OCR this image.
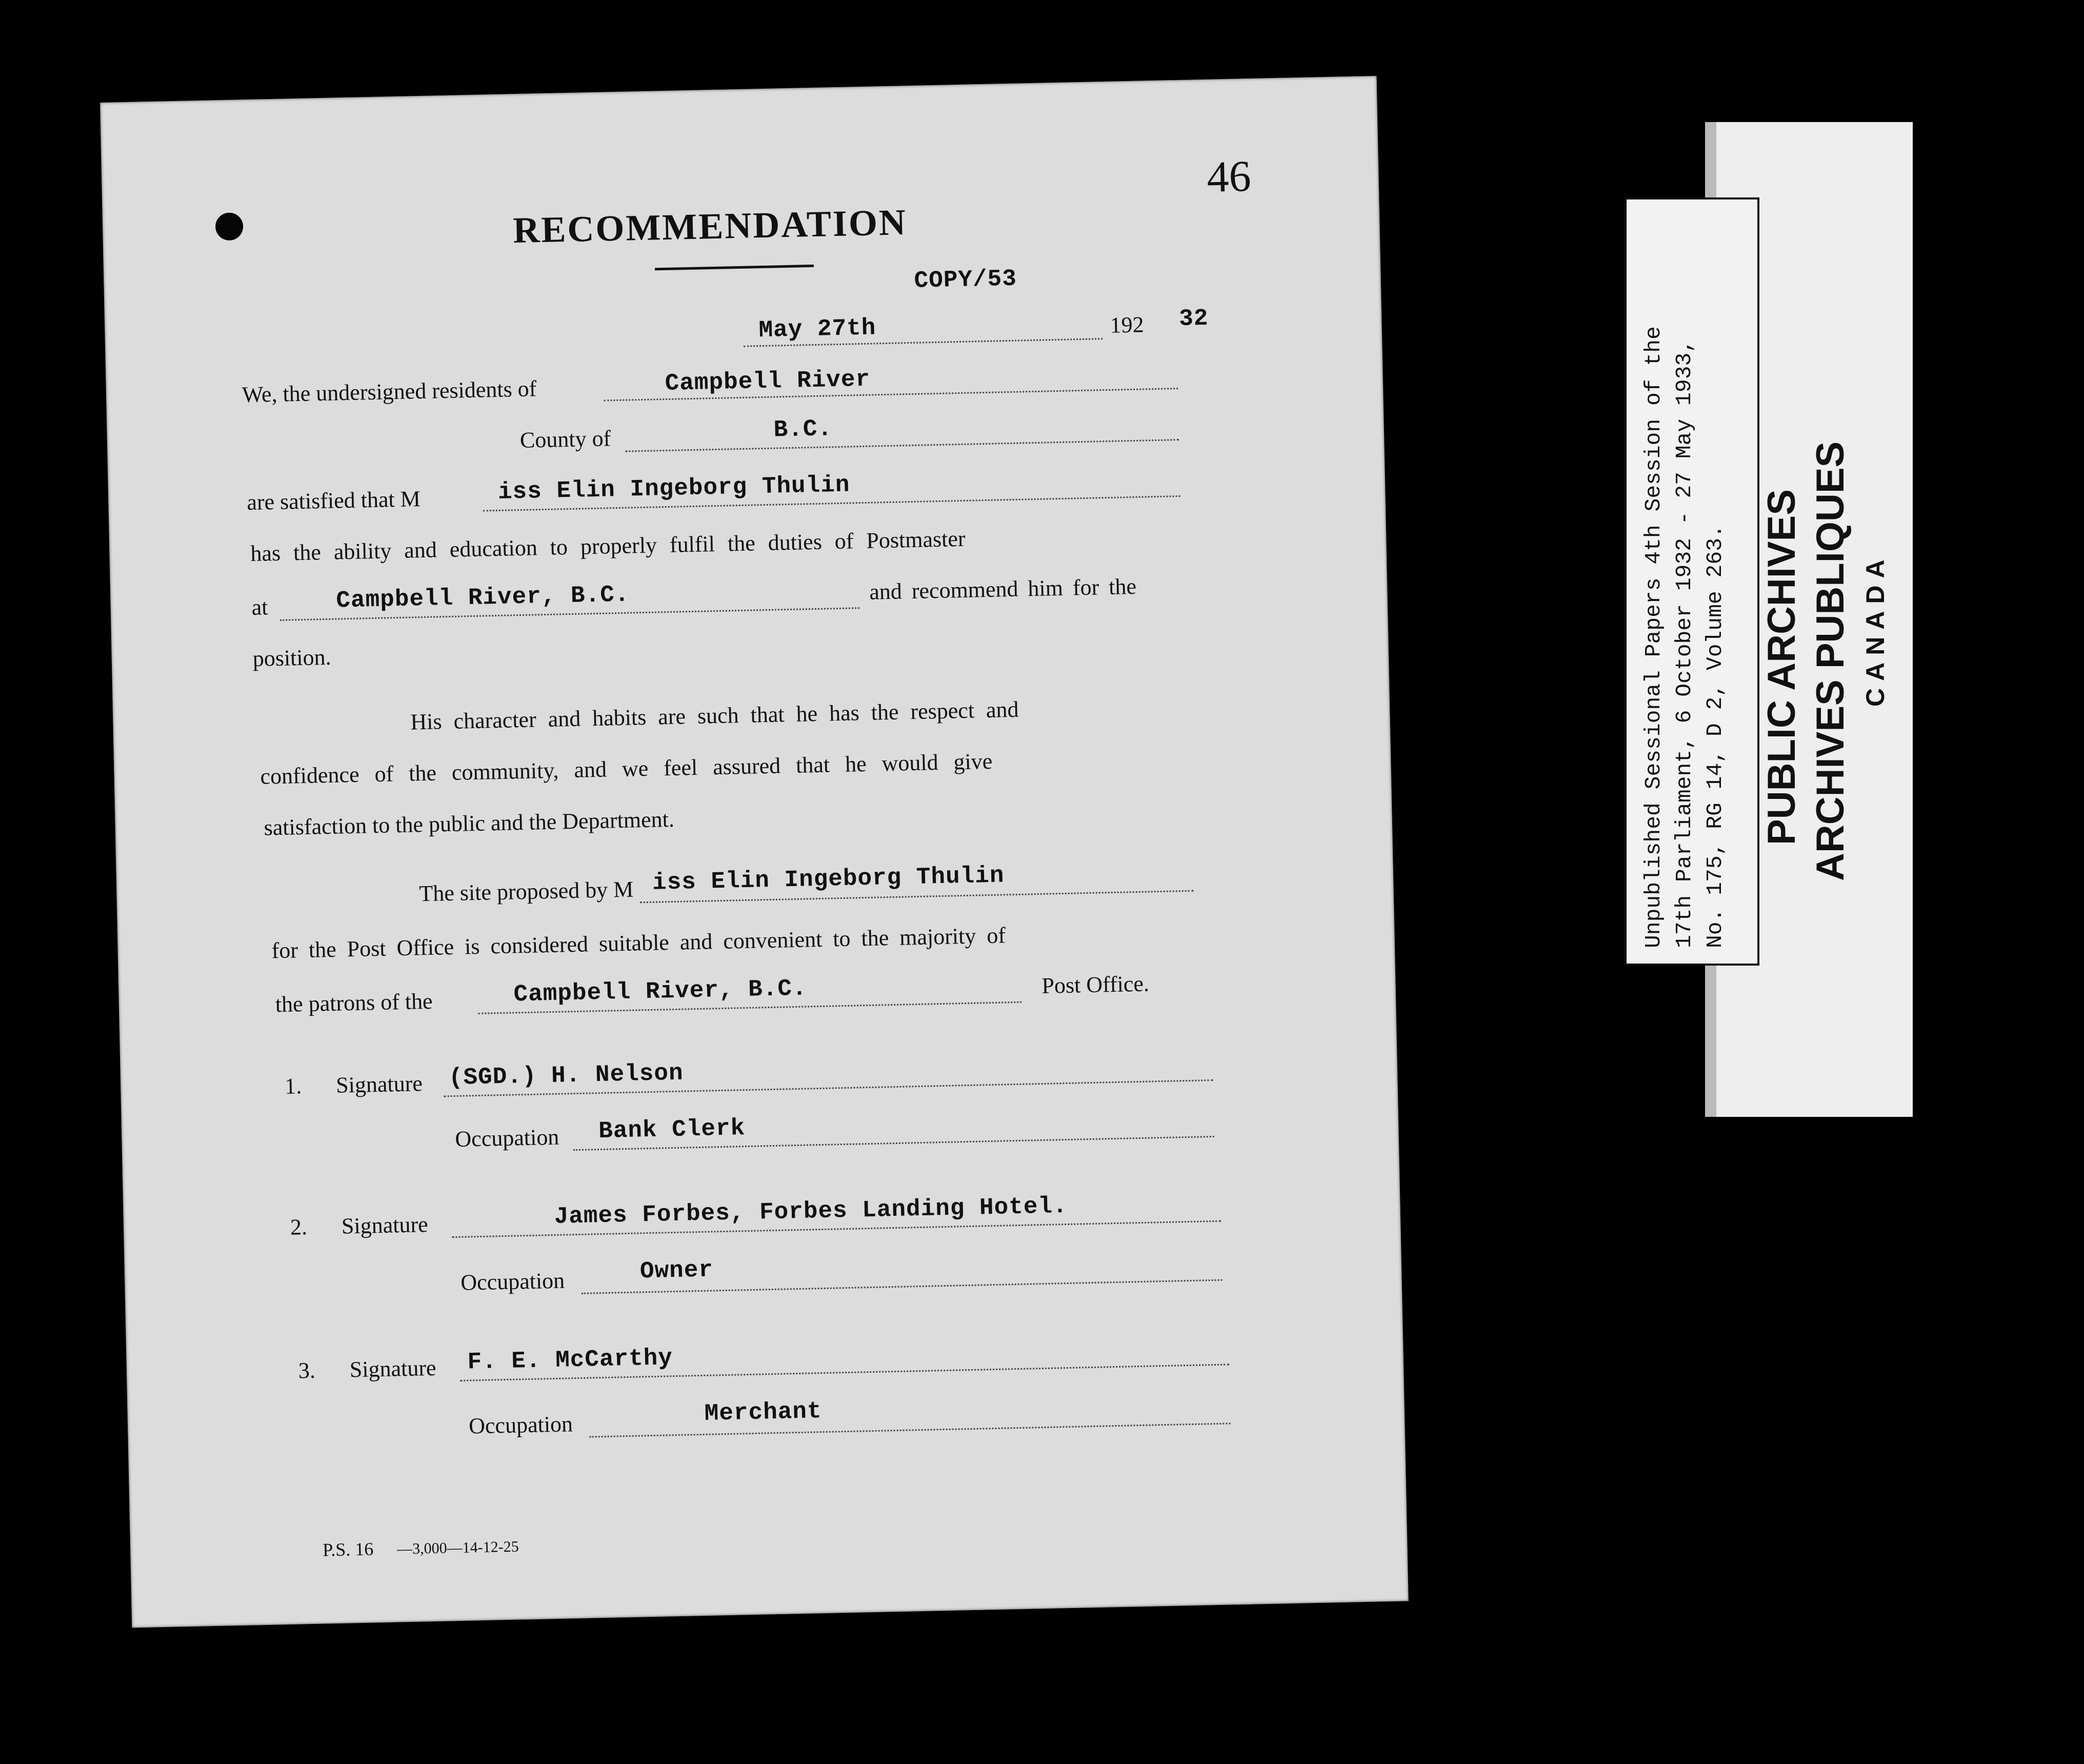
46
RECOMMENDATION
COPY/53
May 27th	192 32
We, the undersigned residents of	Campbell River
County of	B.C.
are satisfied that M	iss Elin Ingeborg Thulin
has the ability and education to properly fulfil the duties of Postmaster
at	Campbell River, B.C.	and recommend him for the
position.
His character and habits are such that he has the respect and
confidence of the community, and we feel assured that he would give
satisfaction to the public and the Department.
The site proposed by M iss Elin Ingeborg Thulin
for the Post Office is considered suitable and convenient to the majority of
the patrons of the	Campbell River, B.C.	Post Office.
1. Signature (SGD.) H. Nelson
Occupation Bank Clerk
2. Signature	James Forbes, Forbes Landing Hotel.
Occupation	Owner
3. Signature F. E. McCarthy
Occupation	Merchant
P.S. 16 —3,000—14-12-25
PUBLIC ARCHIVES ARCHIVES PUBLIQUES CANADA
Unpublished Sessional Papers 4th Session of the 17th Parliament, 6 October 1932 - 27 May 1933, No. 175, RG 14, D 2, Volume 263.
